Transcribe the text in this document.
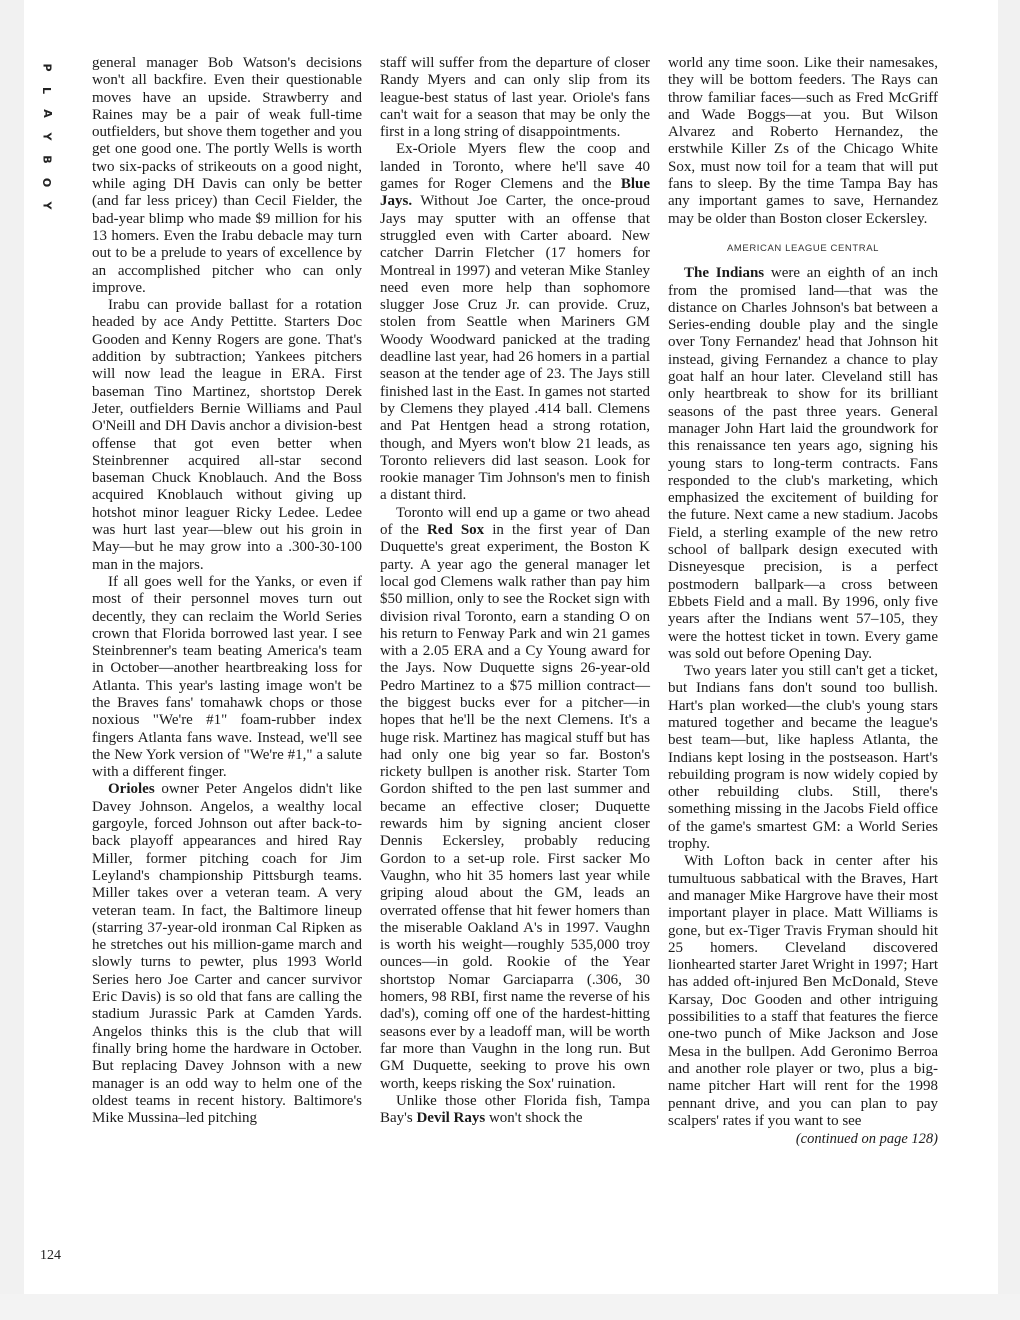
P
L
A
Y
B
O
Y

general manager Bob Watson's decisions won't all backfire. Even their questionable moves have an upside. Strawberry and Raines may be a pair of weak full-time outfielders, but shove them together and you get one good one. The portly Wells is worth two six-packs of strikeouts on a good night, while aging DH Davis can only be better (and far less pricey) than Cecil Fielder, the bad-year blimp who made $9 million for his 13 homers. Even the Irabu debacle may turn out to be a prelude to years of excellence by an accomplished pitcher who can only improve.

Irabu can provide ballast for a rotation headed by ace Andy Pettitte. Starters Doc Gooden and Kenny Rogers are gone. That's addition by subtraction; Yankees pitchers will now lead the league in ERA. First baseman Tino Martinez, shortstop Derek Jeter, outfielders Bernie Williams and Paul O'Neill and DH Davis anchor a division-best offense that got even better when Steinbrenner acquired all-star second baseman Chuck Knoblauch. And the Boss acquired Knoblauch without giving up hotshot minor leaguer Ricky Ledee. Ledee was hurt last year—blew out his groin in May—but he may grow into a .300-30-100 man in the majors.

If all goes well for the Yanks, or even if most of their personnel moves turn out decently, they can reclaim the World Series crown that Florida borrowed last year. I see Steinbrenner's team beating America's team in October—another heartbreaking loss for Atlanta. This year's lasting image won't be the Braves fans' tomahawk chops or those noxious "We're #1" foam-rubber index fingers Atlanta fans wave. Instead, we'll see the New York version of "We're #1," a salute with a different finger.

Orioles owner Peter Angelos didn't like Davey Johnson. Angelos, a wealthy local gargoyle, forced Johnson out after back-to-back playoff appearances and hired Ray Miller, former pitching coach for Jim Leyland's championship Pittsburgh teams. Miller takes over a veteran team. A very veteran team. In fact, the Baltimore lineup (starring 37-year-old ironman Cal Ripken as he stretches out his million-game march and slowly turns to pewter, plus 1993 World Series hero Joe Carter and cancer survivor Eric Davis) is so old that fans are calling the stadium Jurassic Park at Camden Yards. Angelos thinks this is the club that will finally bring home the hardware in October. But replacing Davey Johnson with a new manager is an odd way to helm one of the oldest teams in recent history. Baltimore's Mike Mussina–led pitching

staff will suffer from the departure of closer Randy Myers and can only slip from its league-best status of last year. Oriole's fans can't wait for a season that may be only the first in a long string of disappointments.

Ex-Oriole Myers flew the coop and landed in Toronto, where he'll save 40 games for Roger Clemens and the Blue Jays. Without Joe Carter, the once-proud Jays may sputter with an offense that struggled even with Carter aboard. New catcher Darrin Fletcher (17 homers for Montreal in 1997) and veteran Mike Stanley need even more help than sophomore slugger Jose Cruz Jr. can provide. Cruz, stolen from Seattle when Mariners GM Woody Woodward panicked at the trading deadline last year, had 26 homers in a partial season at the tender age of 23. The Jays still finished last in the East. In games not started by Clemens they played .414 ball. Clemens and Pat Hentgen head a strong rotation, though, and Myers won't blow 21 leads, as Toronto relievers did last season. Look for rookie manager Tim Johnson's men to finish a distant third.

Toronto will end up a game or two ahead of the Red Sox in the first year of Dan Duquette's great experiment, the Boston K party. A year ago the general manager let local god Clemens walk rather than pay him $50 million, only to see the Rocket sign with division rival Toronto, earn a standing O on his return to Fenway Park and win 21 games with a 2.05 ERA and a Cy Young award for the Jays. Now Duquette signs 26-year-old Pedro Martinez to a $75 million contract—the biggest bucks ever for a pitcher—in hopes that he'll be the next Clemens. It's a huge risk. Martinez has magical stuff but has had only one big year so far. Boston's rickety bullpen is another risk. Starter Tom Gordon shifted to the pen last summer and became an effective closer; Duquette rewards him by signing ancient closer Dennis Eckersley, probably reducing Gordon to a set-up role. First sacker Mo Vaughn, who hit 35 homers last year while griping aloud about the GM, leads an overrated offense that hit fewer homers than the miserable Oakland A's in 1997. Vaughn is worth his weight—roughly 535,000 troy ounces—in gold. Rookie of the Year shortstop Nomar Garciaparra (.306, 30 homers, 98 RBI, first name the reverse of his dad's), coming off one of the hardest-hitting seasons ever by a leadoff man, will be worth far more than Vaughn in the long run. But GM Duquette, seeking to prove his own worth, keeps risking the Sox' ruination.

Unlike those other Florida fish, Tampa Bay's Devil Rays won't shock the

world any time soon. Like their namesakes, they will be bottom feeders. The Rays can throw familiar faces—such as Fred McGriff and Wade Boggs—at you. But Wilson Alvarez and Roberto Hernandez, the erstwhile Killer Zs of the Chicago White Sox, must now toil for a team that will put fans to sleep. By the time Tampa Bay has any important games to save, Hernandez may be older than Boston closer Eckersley.

AMERICAN LEAGUE CENTRAL

The Indians were an eighth of an inch from the promised land—that was the distance on Charles Johnson's bat between a Series-ending double play and the single over Tony Fernandez' head that Johnson hit instead, giving Fernandez a chance to play goat half an hour later. Cleveland still has only heartbreak to show for its brilliant seasons of the past three years. General manager John Hart laid the groundwork for this renaissance ten years ago, signing his young stars to long-term contracts. Fans responded to the club's marketing, which emphasized the excitement of building for the future. Next came a new stadium. Jacobs Field, a sterling example of the new retro school of ballpark design executed with Disneyesque precision, is a perfect postmodern ballpark—a cross between Ebbets Field and a mall. By 1996, only five years after the Indians went 57–105, they were the hottest ticket in town. Every game was sold out before Opening Day.

Two years later you still can't get a ticket, but Indians fans don't sound too bullish. Hart's plan worked—the club's young stars matured together and became the league's best team—but, like hapless Atlanta, the Indians kept losing in the postseason. Hart's rebuilding program is now widely copied by other rebuilding clubs. Still, there's something missing in the Jacobs Field office of the game's smartest GM: a World Series trophy.

With Lofton back in center after his tumultuous sabbatical with the Braves, Hart and manager Mike Hargrove have their most important player in place. Matt Williams is gone, but ex-Tiger Travis Fryman should hit 25 homers. Cleveland discovered lionhearted starter Jaret Wright in 1997; Hart has added oft-injured Ben McDonald, Steve Karsay, Doc Gooden and other intriguing possibilities to a staff that features the fierce one-two punch of Mike Jackson and Jose Mesa in the bullpen. Add Geronimo Berroa and another role player or two, plus a big-name pitcher Hart will rent for the 1998 pennant drive, and you can plan to pay scalpers' rates if you want to see

(continued on page 128)
124
